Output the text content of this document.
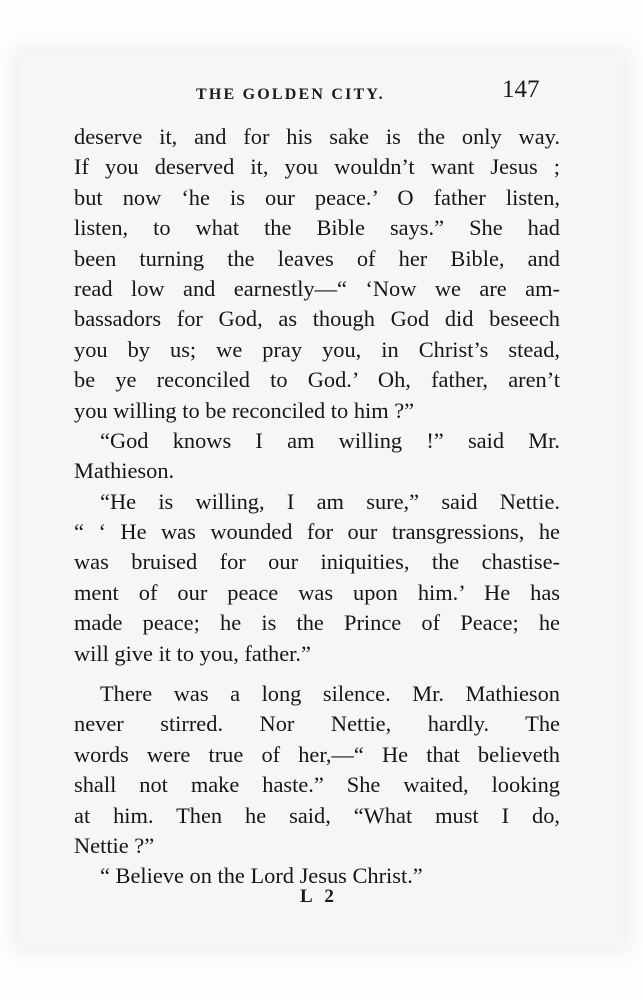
THE GOLDEN CITY.	147
deserve it, and for his sake is the only way.
If you deserved it, you wouldn’t want Jesus ;
but now ‘he is our peace.’ O father listen,
listen, to what the Bible says.” She had
been turning the leaves of her Bible, and
read low and earnestly—“ ‘Now we are am-
bassadors for God, as though God did beseech
you by us; we pray you, in Christ’s stead,
be ye reconciled to God.’ Oh, father, aren’t
you willing to be reconciled to him ?”
“God knows I am willing !” said Mr.
Mathieson.
“He is willing, I am sure,” said Nettie.
“ ‘ He was wounded for our transgressions, he
was bruised for our iniquities, the chastise-
ment of our peace was upon him.’ He has
made peace; he is the Prince of Peace; he
will give it to you, father.”
There was a long silence. Mr. Mathieson
never stirred. Nor Nettie, hardly. The
words were true of her,—“ He that believeth
shall not make haste.” She waited, looking
at him. Then he said, “What must I do,
Nettie ?”
“ Believe on the Lord Jesus Christ.”
L 2
